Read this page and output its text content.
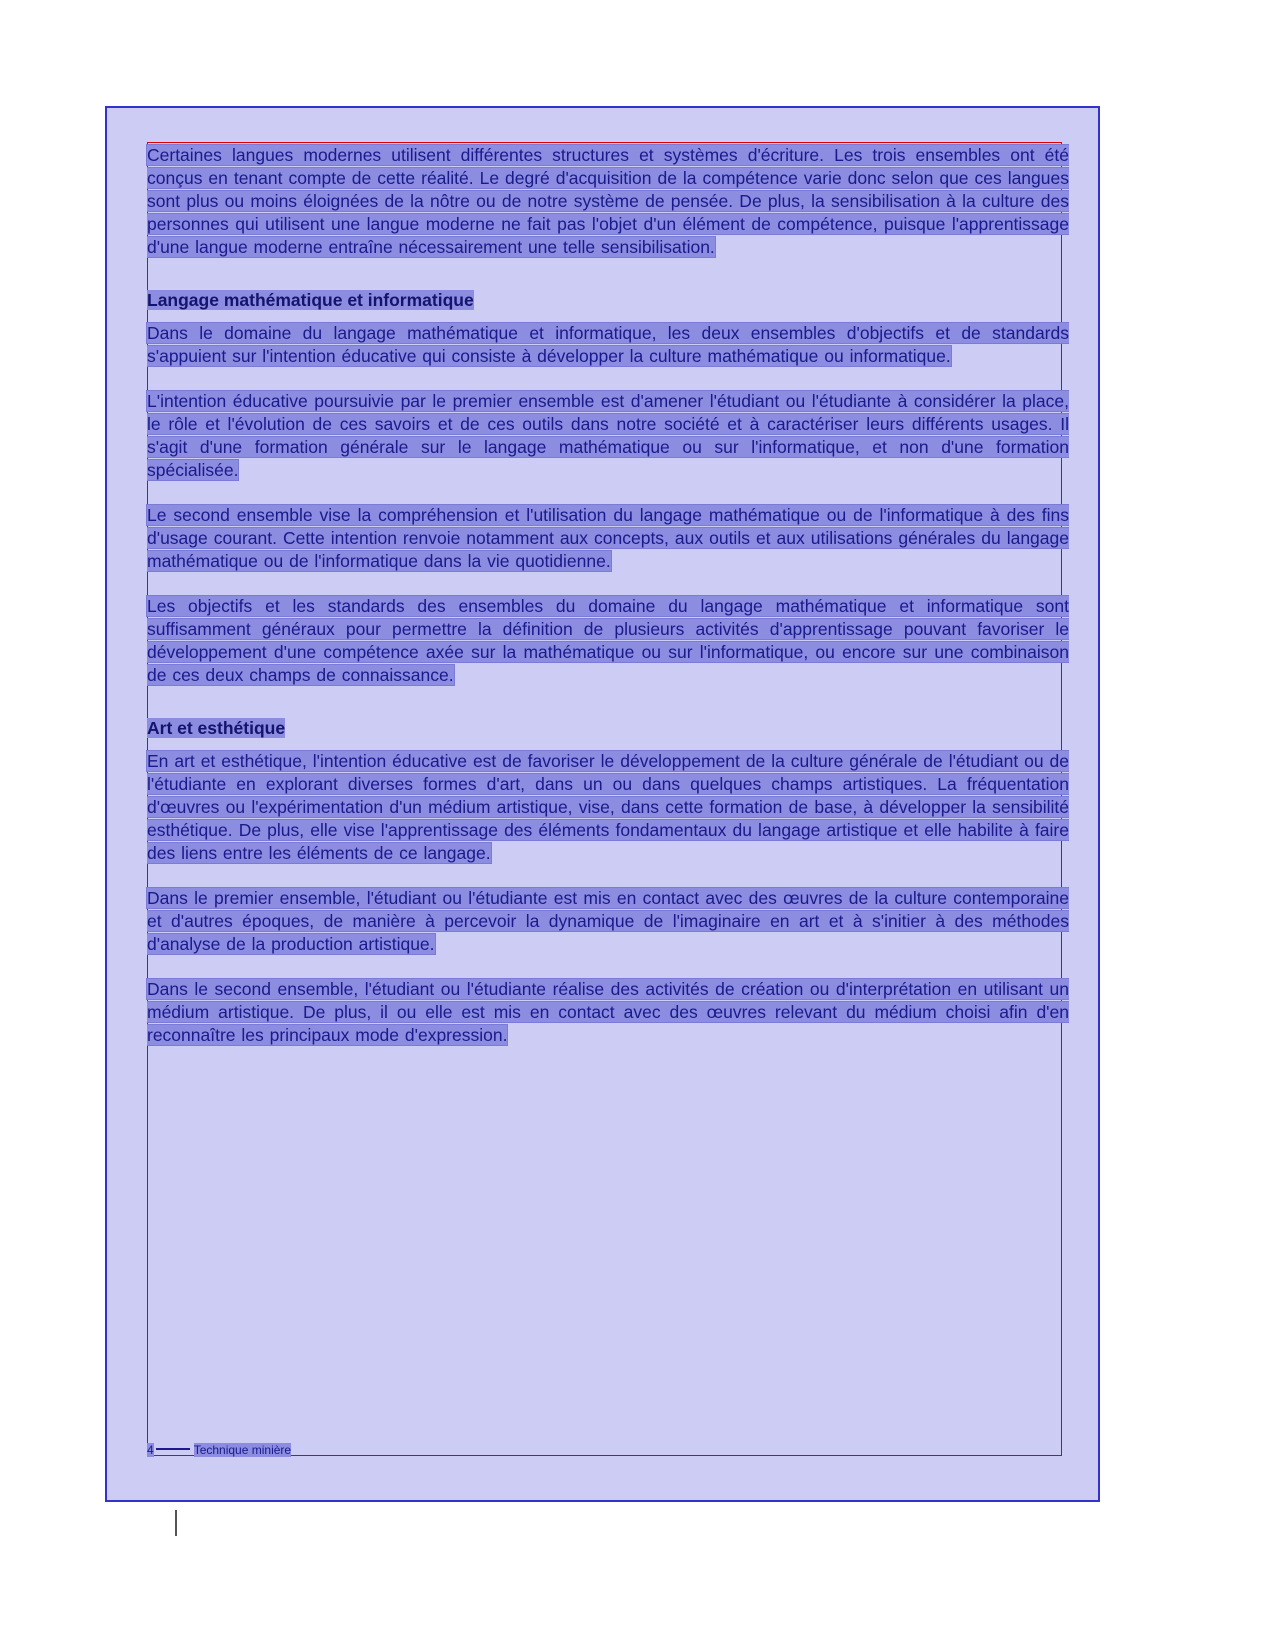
Certaines langues modernes utilisent différentes structures et systèmes d'écriture. Les trois ensembles ont été conçus en tenant compte de cette réalité. Le degré d'acquisition de la compétence varie donc selon que ces langues sont plus ou moins éloignées de la nôtre ou de notre système de pensée. De plus, la sensibilisation à la culture des personnes qui utilisent une langue moderne ne fait pas l'objet d'un élément de compétence, puisque l'apprentissage d'une langue moderne entraîne nécessairement une telle sensibilisation.

Langage mathématique et informatique

Dans le domaine du langage mathématique et informatique, les deux ensembles d'objectifs et de standards s'appuient sur l'intention éducative qui consiste à développer la culture mathématique ou informatique.

L'intention éducative poursuivie par le premier ensemble est d'amener l'étudiant ou l'étudiante à considérer la place, le rôle et l'évolution de ces savoirs et de ces outils dans notre société et à caractériser leurs différents usages. Il s'agit d'une formation générale sur le langage mathématique ou sur l'informatique, et non d'une formation spécialisée.

Le second ensemble vise la compréhension et l'utilisation du langage mathématique ou de l'informatique à des fins d'usage courant. Cette intention renvoie notamment aux concepts, aux outils et aux utilisations générales du langage mathématique ou de l'informatique dans la vie quotidienne.

Les objectifs et les standards des ensembles du domaine du langage mathématique et informatique sont suffisamment généraux pour permettre la définition de plusieurs activités d'apprentissage pouvant favoriser le développement d'une compétence axée sur la mathématique ou sur l'informatique, ou encore sur une combinaison de ces deux champs de connaissance.

Art et esthétique

En art et esthétique, l'intention éducative est de favoriser le développement de la culture générale de l'étudiant ou de l'étudiante en explorant diverses formes d'art, dans un ou dans quelques champs artistiques. La fréquentation d'œuvres ou l'expérimentation d'un médium artistique, vise, dans cette formation de base, à développer la sensibilité esthétique. De plus, elle vise l'apprentissage des éléments fondamentaux du langage artistique et elle habilite à faire des liens entre les éléments de ce langage.

Dans le premier ensemble, l'étudiant ou l'étudiante est mis en contact avec des œuvres de la culture contemporaine et d'autres époques, de manière à percevoir la dynamique de l'imaginaire en art et à s'initier à des méthodes d'analyse de la production artistique.

Dans le second ensemble, l'étudiant ou l'étudiante réalise des activités de création ou d'interprétation en utilisant un médium artistique. De plus, il ou elle est mis en contact avec des œuvres relevant du médium choisi afin d'en reconnaître les principaux mode d'expression.

4	Technique minière
